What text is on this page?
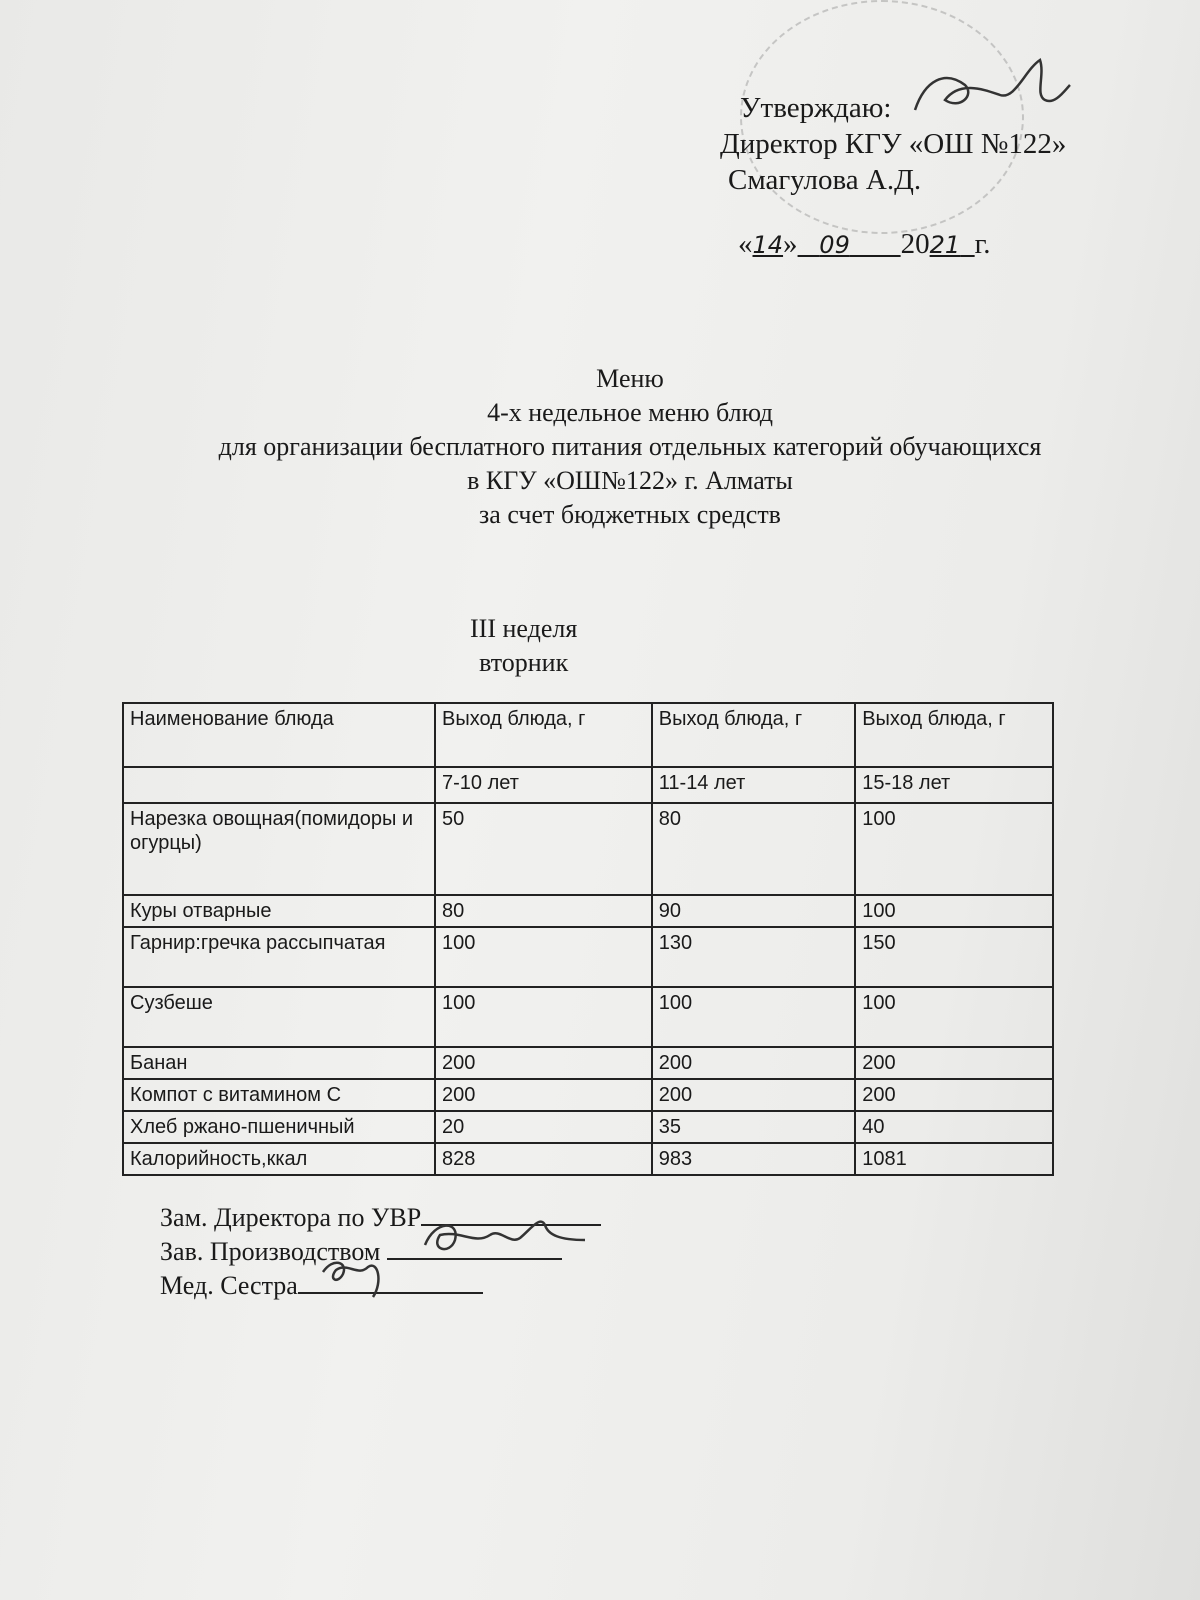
Утверждаю:
Директор КГУ «ОШ №122»
Смагулова А.Д.
«14» 09 2021 г.
Меню
4-х недельное меню блюд
для организации бесплатного питания отдельных категорий обучающихся
в КГУ «ОШ№122» г. Алматы
за счет бюджетных средств
III неделя
вторник
Наименование блюда	Выход блюда, г	Выход блюда, г	Выход блюда, г
	7-10 лет	11-14 лет	15-18 лет
Нарезка овощная(помидоры и огурцы)	50	80	100
Куры отварные	80	90	100
Гарнир:гречка рассыпчатая	100	130	150
Сузбеше	100	100	100
Банан	200	200	200
Компот с витамином С	200	200	200
Хлеб ржано-пшеничный	20	35	40
Калорийность,ккал	828	983	1081
Зам. Директора по УВР
Зав. Производством
Мед. Сестра
